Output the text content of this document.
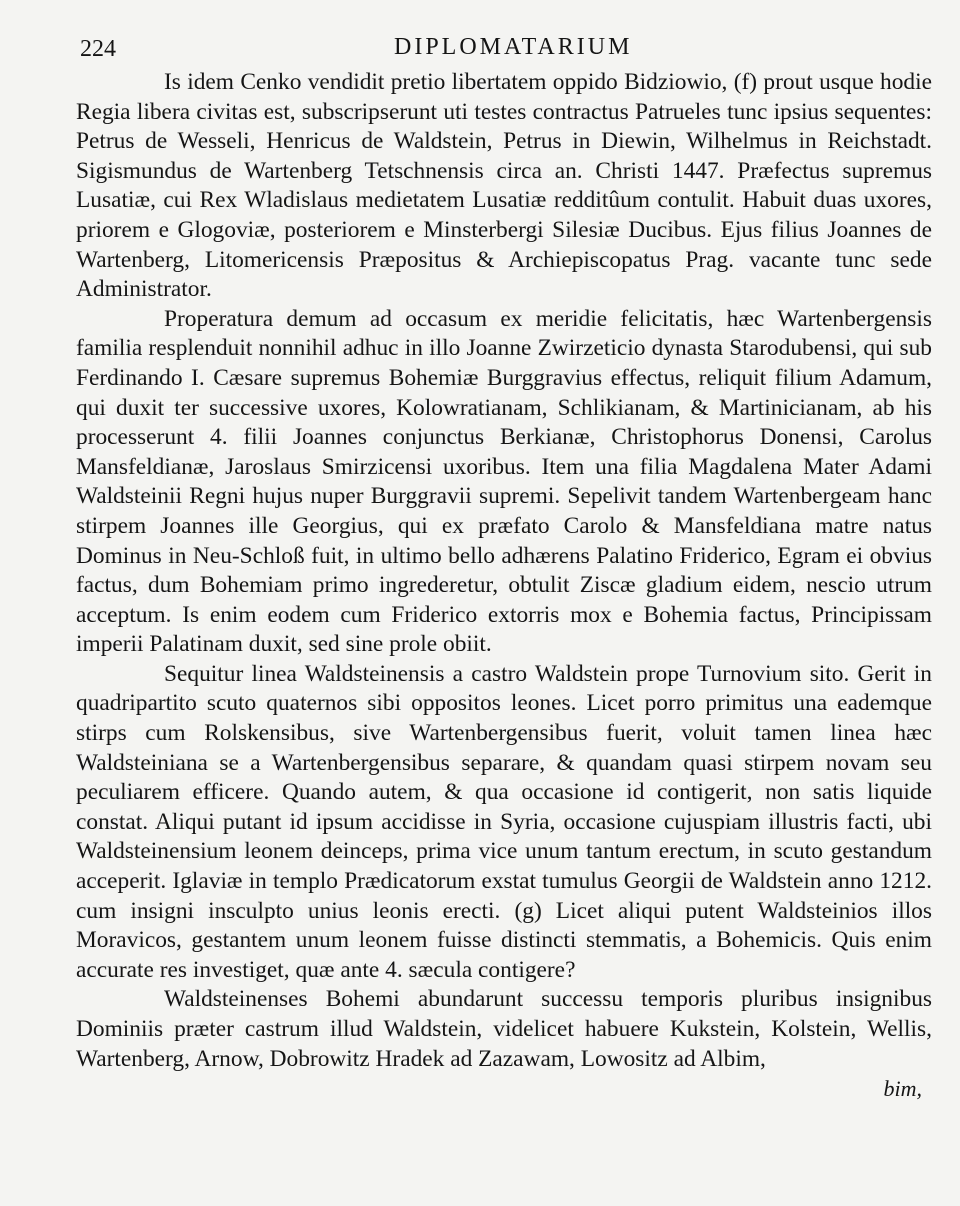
224	DIPLOMATARIUM

Is idem Cenko vendidit pretio libertatem oppido Bidziowio, (f) prout usque hodie Regia libera civitas est, subscripserunt uti testes contractus Patrueles tunc ipsius sequentes: Petrus de Wesseli, Henricus de Waldstein, Petrus in Diewin, Wilhelmus in Reichstadt. Sigismundus de Wartenberg Tetschnensis circa an. Christi 1447. Præfectus supremus Lusatiæ, cui Rex Wladislaus medietatem Lusatiæ redditûum contulit. Habuit duas uxores, priorem e Glogoviæ, posteriorem e Minsterbergi Silesiæ Ducibus. Ejus filius Joannes de Wartenberg, Litomericensis Præpositus & Archiepiscopatus Prag. vacante tunc sede Administrator.

Properatura demum ad occasum ex meridie felicitatis, hæc Wartenbergensis familia resplenduit nonnihil adhuc in illo Joanne Zwirzeticio dynasta Starodubensi, qui sub Ferdinando I. Cæsare supremus Bohemiæ Burggravius effectus, reliquit filium Adamum, qui duxit ter successive uxores, Kolowratianam, Schlikianam, & Martinicianam, ab his processerunt 4. filii Joannes conjunctus Berkianæ, Christophorus Donensi, Carolus Mansfeldianæ, Jaroslaus Smirzicensi uxoribus. Item una filia Magdalena Mater Adami Waldsteinii Regni hujus nuper Burggravii supremi. Sepelivit tandem Wartenbergeam hanc stirpem Joannes ille Georgius, qui ex præfato Carolo & Mansfeldiana matre natus Dominus in Neu-Schloß fuit, in ultimo bello adhærens Palatino Friderico, Egram ei obvius factus, dum Bohemiam primo ingrederetur, obtulit Ziscæ gladium eidem, nescio utrum acceptum. Is enim eodem cum Friderico extorris mox e Bohemia factus, Principissam imperii Palatinam duxit, sed sine prole obiit.

Sequitur linea Waldsteinensis a castro Waldstein prope Turnovium sito. Gerit in quadripartito scuto quaternos sibi oppositos leones. Licet porro primitus una eademque stirps cum Rolskensibus, sive Wartenbergensibus fuerit, voluit tamen linea hæc Waldsteiniana se a Wartenbergensibus separare, & quandam quasi stirpem novam seu peculiarem efficere. Quando autem, & qua occasione id contigerit, non satis liquide constat. Aliqui putant id ipsum accidisse in Syria, occasione cujuspiam illustris facti, ubi Waldsteinensium leonem deinceps, prima vice unum tantum erectum, in scuto gestandum acceperit. Iglaviæ in templo Prædicatorum exstat tumulus Georgii de Waldstein anno 1212. cum insigni insculpto unius leonis erecti. (g) Licet aliqui putent Waldsteinios illos Moravicos, gestantem unum leonem fuisse distincti stemmatis, a Bohemicis. Quis enim accurate res investiget, quæ ante 4. sæcula contigere?

Waldsteinenses Bohemi abundarunt successu temporis pluribus insignibus Dominiis præter castrum illud Waldstein, videlicet habuere Kukstein, Kolstein, Wellis, Wartenberg, Arnow, Dobrowitz Hradek ad Zazawam, Lowositz ad Albim,

bim,
